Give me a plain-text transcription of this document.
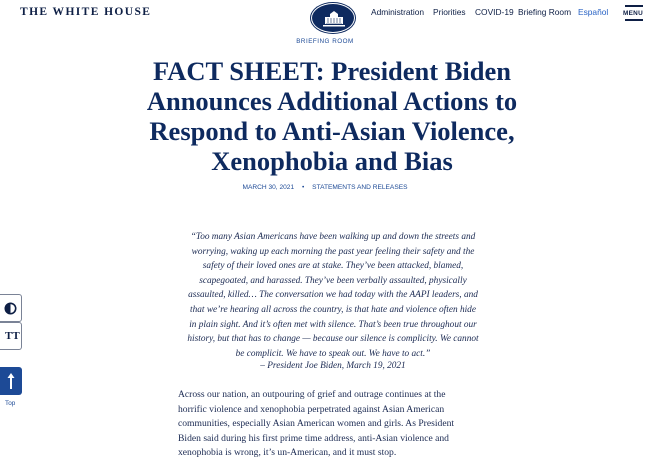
THE WHITE HOUSE	Administration Priorities COVID-19 Briefing Room Español MENU
BRIEFING ROOM
FACT SHEET: President Biden
Announces Additional Actions to
Respond to Anti-Asian Violence,
Xenophobia and Bias
MARCH 30, 2021 • STATEMENTS AND RELEASES
“Too many Asian Americans have been walking up and down the streets and
worrying, waking up each morning the past year feeling their safety and the
safety of their loved ones are at stake. They’ve been attacked, blamed,
scapegoated, and harassed. They’ve been verbally assaulted, physically
assaulted, killed… The conversation we had today with the AAPI leaders, and
that we’re hearing all across the country, is that hate and violence often hide
in plain sight. And it’s often met with silence. That’s been true throughout our
history, but that has to change — because our silence is complicity. We cannot
be complicit. We have to speak out. We have to act.”
– President Joe Biden, March 19, 2021
Across our nation, an outpouring of grief and outrage continues at the
horrific violence and xenophobia perpetrated against Asian American
communities, especially Asian American women and girls. As President
Biden said during his first prime time address, anti-Asian violence and
xenophobia is wrong, it’s un-American, and it must stop.
TT
Top
